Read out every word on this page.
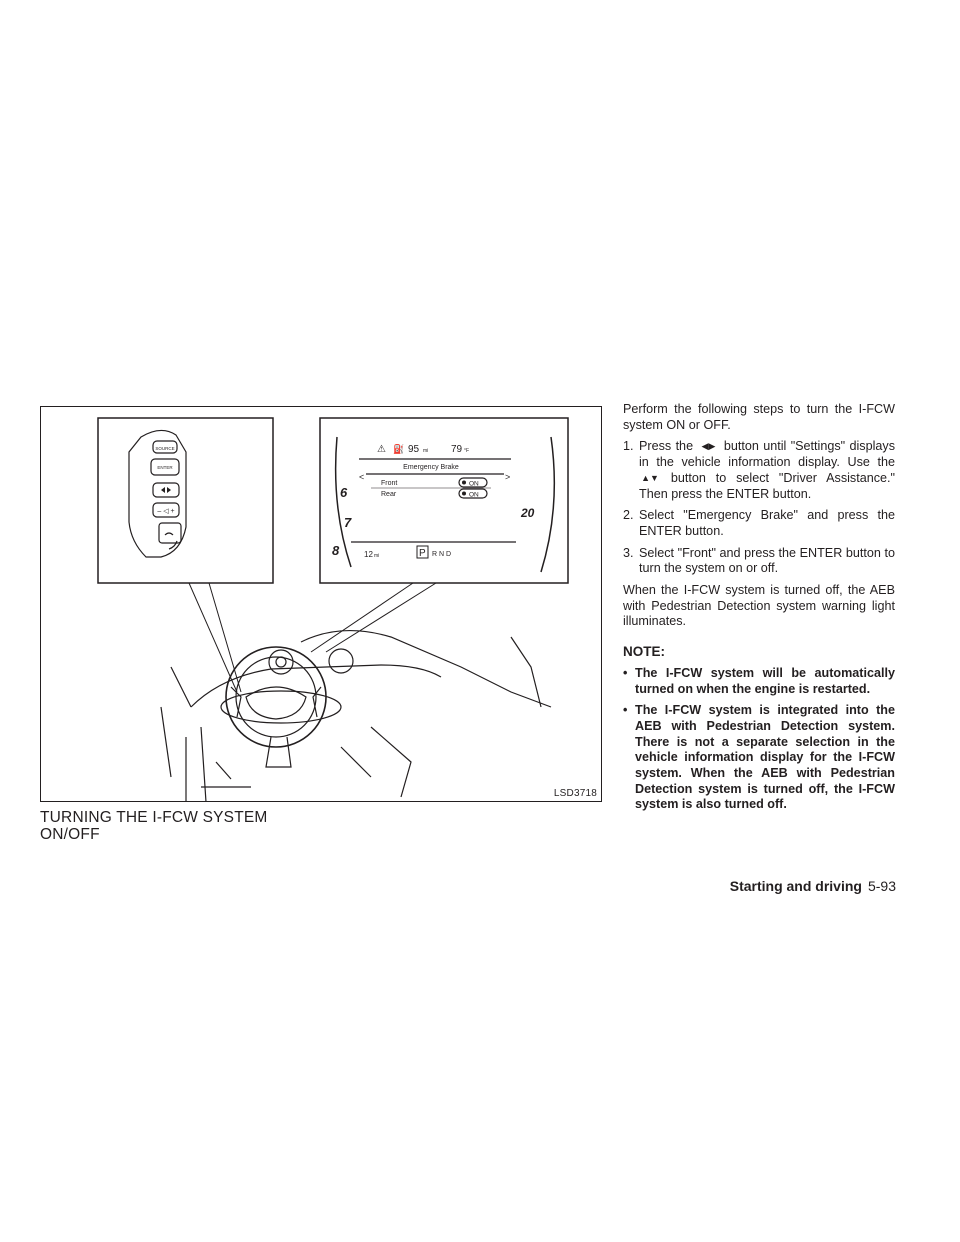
SOURCE
ENTER
– ◁ +
6
7
8
20
⚠ ⛽ 95 mi 79 °F
Emergency Brake
<	>
Front	ON
Rear	ON
12 mi	P R N D
LSD3718
TURNING THE I-FCW SYSTEM
ON/OFF

Perform the following steps to turn the I-FCW system ON or OFF.

1. Press the ◀▶ button until "Settings" displays in the vehicle information display. Use the ▲▼ button to select "Driver Assistance." Then press the ENTER button.
2. Select "Emergency Brake" and press the ENTER button.
3. Select "Front" and press the ENTER button to turn the system on or off.

When the I-FCW system is turned off, the AEB with Pedestrian Detection system warning light illuminates.

NOTE:
• The I-FCW system will be automatically turned on when the engine is restarted.
• The I-FCW system is integrated into the AEB with Pedestrian Detection system. There is not a separate selection in the vehicle information display for the I-FCW system. When the AEB with Pedestrian Detection system is turned off, the I-FCW system is also turned off.
Starting and driving 5-93
